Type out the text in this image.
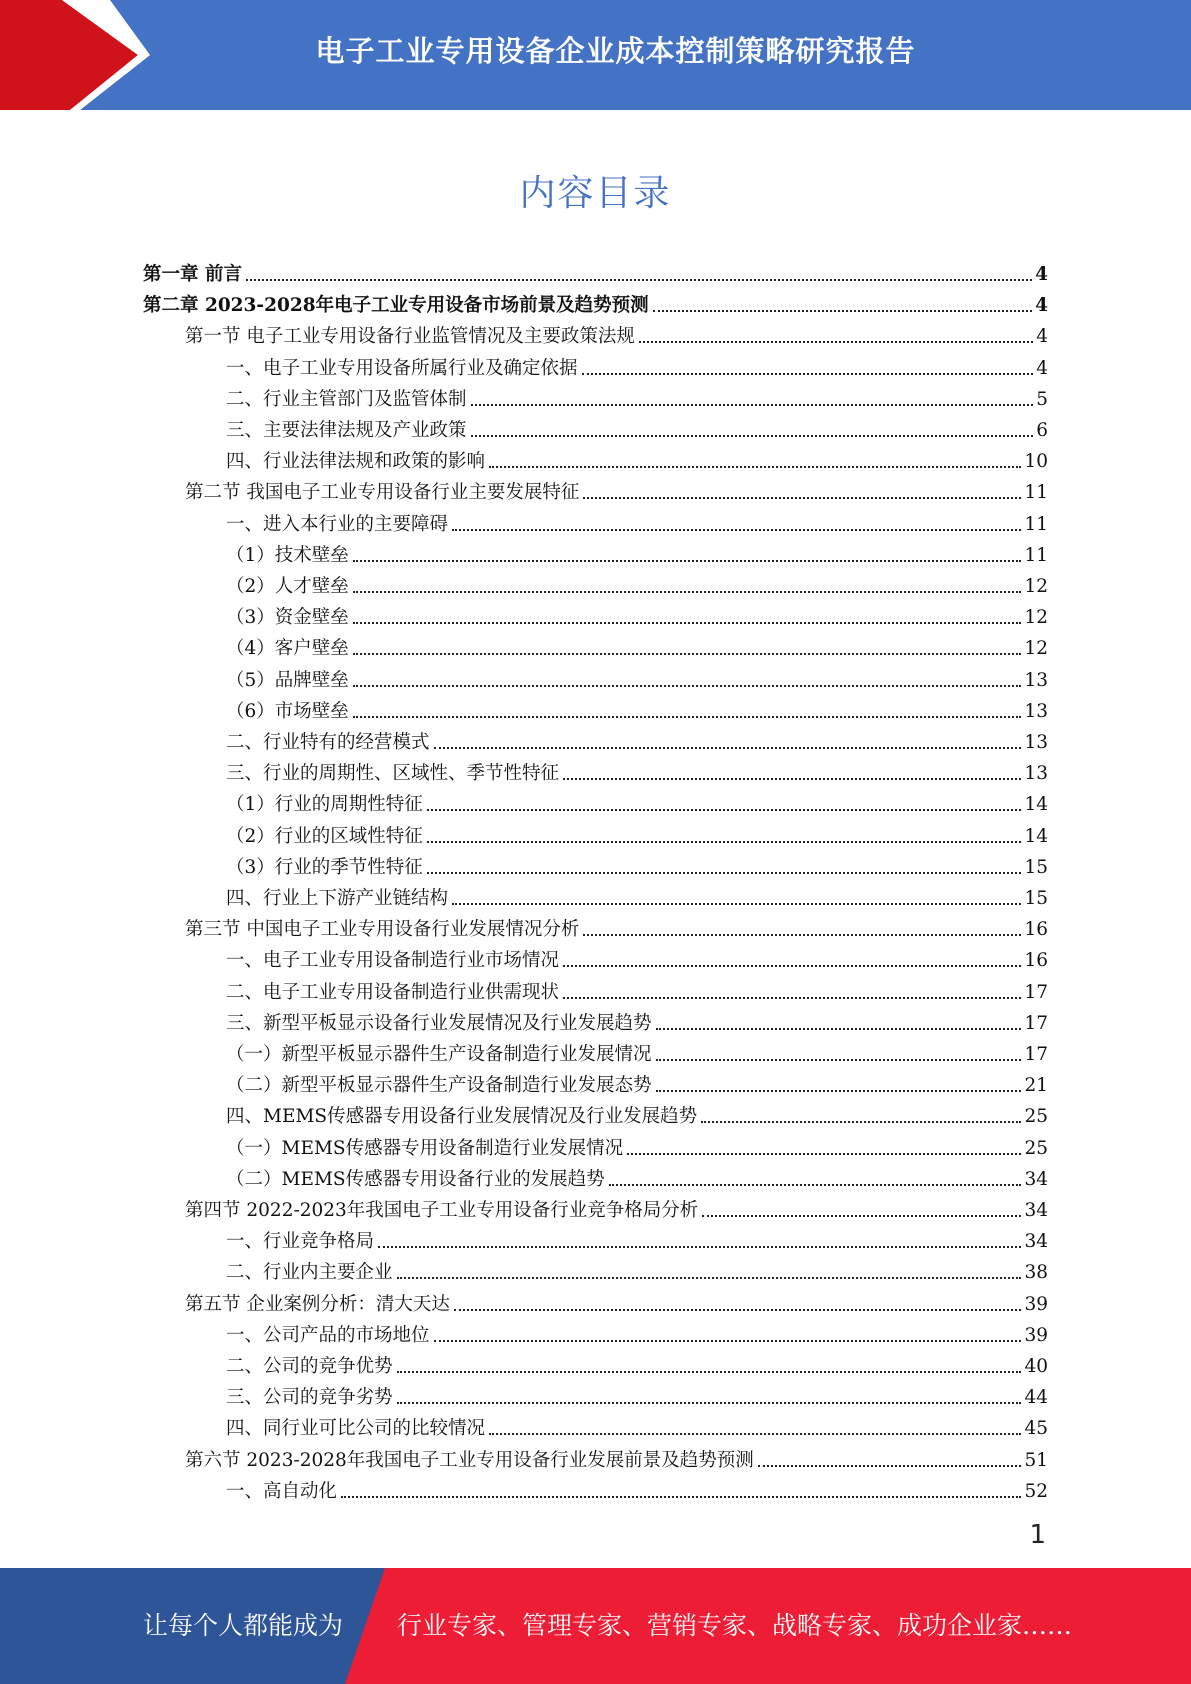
电子工业专用设备企业成本控制策略研究报告
内容目录
第一章 前言	4
第二章 2023-2028年电子工业专用设备市场前景及趋势预测	4
第一节 电子工业专用设备行业监管情况及主要政策法规	4
一、电子工业专用设备所属行业及确定依据	4
二、行业主管部门及监管体制	5
三、主要法律法规及产业政策	6
四、行业法律法规和政策的影响	10
第二节 我国电子工业专用设备行业主要发展特征	11
一、进入本行业的主要障碍	11
（1）技术壁垒	11
（2）人才壁垒	12
（3）资金壁垒	12
（4）客户壁垒	12
（5）品牌壁垒	13
（6）市场壁垒	13
二、行业特有的经营模式	13
三、行业的周期性、区域性、季节性特征	13
（1）行业的周期性特征	14
（2）行业的区域性特征	14
（3）行业的季节性特征	15
四、行业上下游产业链结构	15
第三节 中国电子工业专用设备行业发展情况分析	16
一、电子工业专用设备制造行业市场情况	16
二、电子工业专用设备制造行业供需现状	17
三、新型平板显示设备行业发展情况及行业发展趋势	17
（一）新型平板显示器件生产设备制造行业发展情况	17
（二）新型平板显示器件生产设备制造行业发展态势	21
四、MEMS传感器专用设备行业发展情况及行业发展趋势	25
（一）MEMS传感器专用设备制造行业发展情况	25
（二）MEMS传感器专用设备行业的发展趋势	34
第四节 2022-2023年我国电子工业专用设备行业竞争格局分析	34
一、行业竞争格局	34
二、行业内主要企业	38
第五节 企业案例分析：清大天达	39
一、公司产品的市场地位	39
二、公司的竞争优势	40
三、公司的竞争劣势	44
四、同行业可比公司的比较情况	45
第六节 2023-2028年我国电子工业专用设备行业发展前景及趋势预测	51
一、高自动化	52
1
让每个人都能成为 行业专家、管理专家、营销专家、战略专家、成功企业家……
